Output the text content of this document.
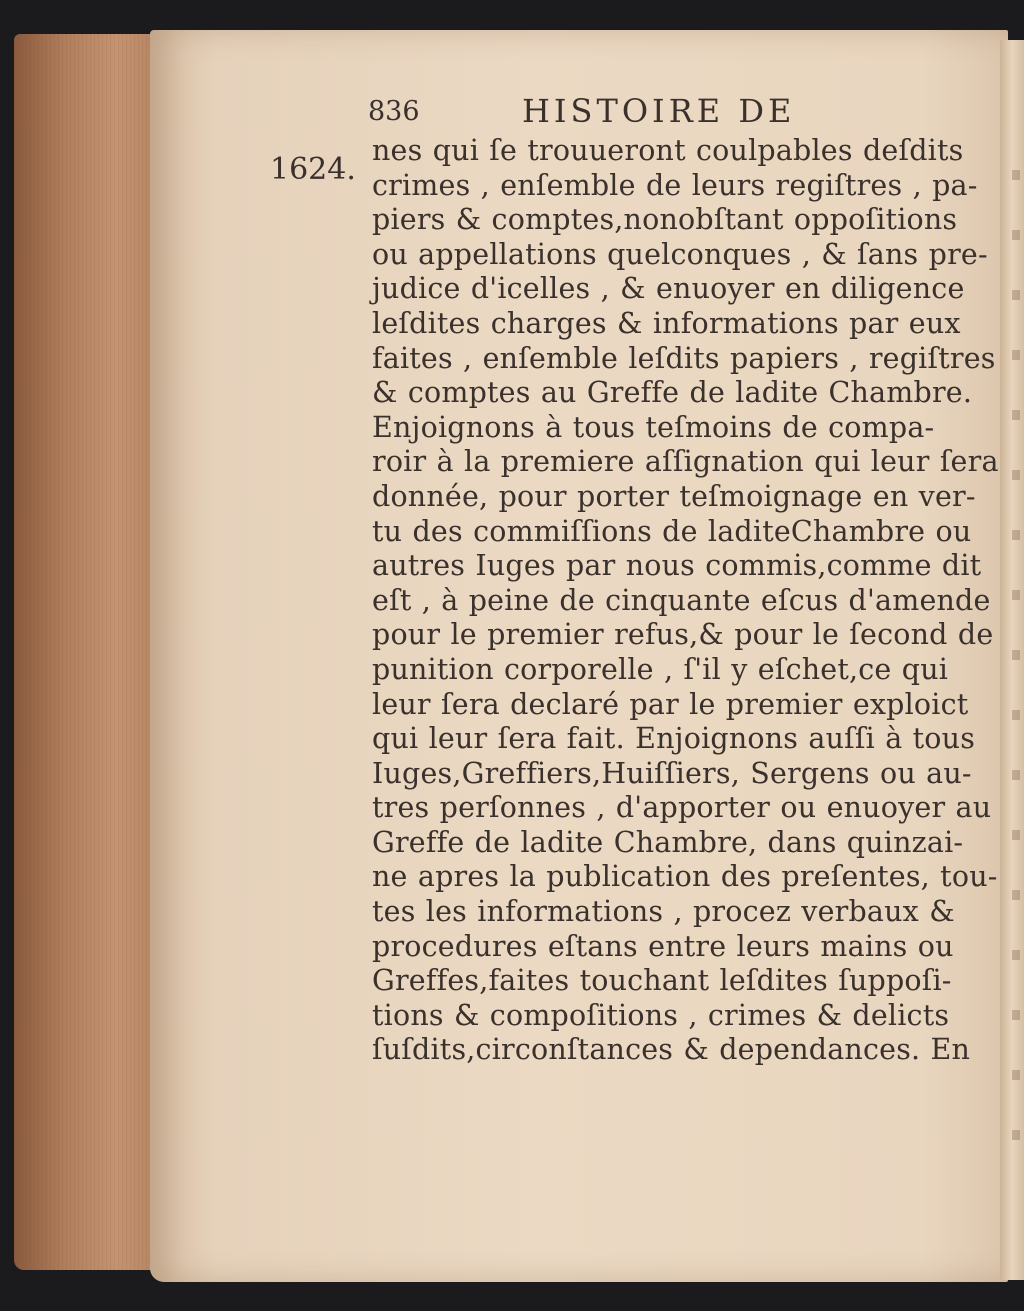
836	HISTOIRE DE
1624.
nes qui ſe trouueront coulpables deſdits
crimes , enſemble de leurs regiſtres , pa-
piers & comptes,nonobſtant oppoſitions
ou appellations quelconques , & ſans pre-
judice d'icelles , & enuoyer en diligence
leſdites charges & informations par eux
faites , enſemble leſdits papiers , regiſtres
& comptes au Greffe de ladite Chambre.
Enjoignons à tous teſmoins de compa-
roir à la premiere aſſignation qui leur ſera
donnée, pour porter teſmoignage en ver-
tu des commiſſions de laditeChambre ou
autres Iuges par nous commis,comme dit
eſt , à peine de cinquante eſcus d'amende
pour le premier refus,& pour le ſecond de
punition corporelle , ſ'il y eſchet,ce qui
leur ſera declaré par le premier exploict
qui leur ſera fait. Enjoignons auſſi à tous
Iuges,Greffiers,Huiſſiers, Sergens ou au-
tres perſonnes , d'apporter ou enuoyer au
Greffe de ladite Chambre, dans quinzai-
ne apres la publication des preſentes, tou-
tes les informations , procez verbaux &
procedures eſtans entre leurs mains ou
Greffes,faites touchant leſdites ſuppoſi-
tions & compoſitions , crimes & delicts
ſuſdits,circonſtances & dependances. En
